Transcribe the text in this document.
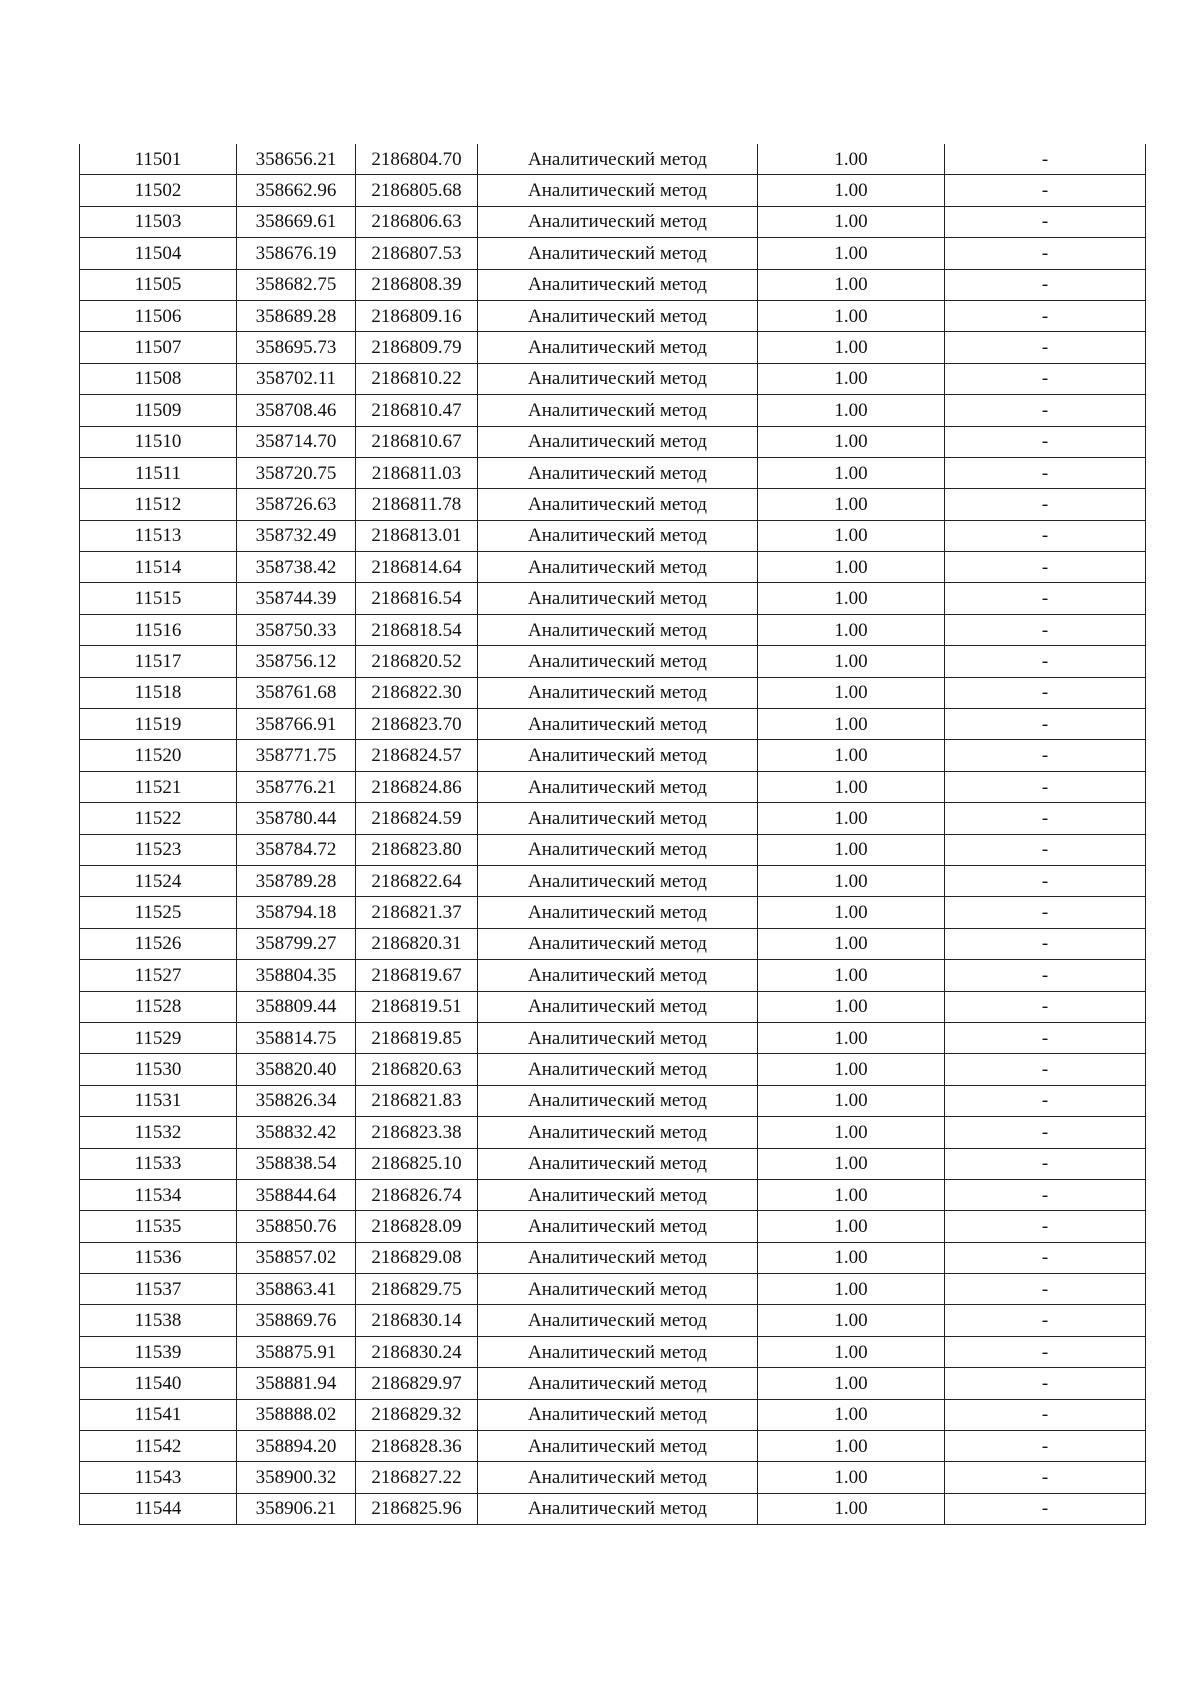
11501	358656.21	2186804.70	Аналитический метод	1.00	-
11502	358662.96	2186805.68	Аналитический метод	1.00	-
11503	358669.61	2186806.63	Аналитический метод	1.00	-
11504	358676.19	2186807.53	Аналитический метод	1.00	-
11505	358682.75	2186808.39	Аналитический метод	1.00	-
11506	358689.28	2186809.16	Аналитический метод	1.00	-
11507	358695.73	2186809.79	Аналитический метод	1.00	-
11508	358702.11	2186810.22	Аналитический метод	1.00	-
11509	358708.46	2186810.47	Аналитический метод	1.00	-
11510	358714.70	2186810.67	Аналитический метод	1.00	-
11511	358720.75	2186811.03	Аналитический метод	1.00	-
11512	358726.63	2186811.78	Аналитический метод	1.00	-
11513	358732.49	2186813.01	Аналитический метод	1.00	-
11514	358738.42	2186814.64	Аналитический метод	1.00	-
11515	358744.39	2186816.54	Аналитический метод	1.00	-
11516	358750.33	2186818.54	Аналитический метод	1.00	-
11517	358756.12	2186820.52	Аналитический метод	1.00	-
11518	358761.68	2186822.30	Аналитический метод	1.00	-
11519	358766.91	2186823.70	Аналитический метод	1.00	-
11520	358771.75	2186824.57	Аналитический метод	1.00	-
11521	358776.21	2186824.86	Аналитический метод	1.00	-
11522	358780.44	2186824.59	Аналитический метод	1.00	-
11523	358784.72	2186823.80	Аналитический метод	1.00	-
11524	358789.28	2186822.64	Аналитический метод	1.00	-
11525	358794.18	2186821.37	Аналитический метод	1.00	-
11526	358799.27	2186820.31	Аналитический метод	1.00	-
11527	358804.35	2186819.67	Аналитический метод	1.00	-
11528	358809.44	2186819.51	Аналитический метод	1.00	-
11529	358814.75	2186819.85	Аналитический метод	1.00	-
11530	358820.40	2186820.63	Аналитический метод	1.00	-
11531	358826.34	2186821.83	Аналитический метод	1.00	-
11532	358832.42	2186823.38	Аналитический метод	1.00	-
11533	358838.54	2186825.10	Аналитический метод	1.00	-
11534	358844.64	2186826.74	Аналитический метод	1.00	-
11535	358850.76	2186828.09	Аналитический метод	1.00	-
11536	358857.02	2186829.08	Аналитический метод	1.00	-
11537	358863.41	2186829.75	Аналитический метод	1.00	-
11538	358869.76	2186830.14	Аналитический метод	1.00	-
11539	358875.91	2186830.24	Аналитический метод	1.00	-
11540	358881.94	2186829.97	Аналитический метод	1.00	-
11541	358888.02	2186829.32	Аналитический метод	1.00	-
11542	358894.20	2186828.36	Аналитический метод	1.00	-
11543	358900.32	2186827.22	Аналитический метод	1.00	-
11544	358906.21	2186825.96	Аналитический метод	1.00	-
